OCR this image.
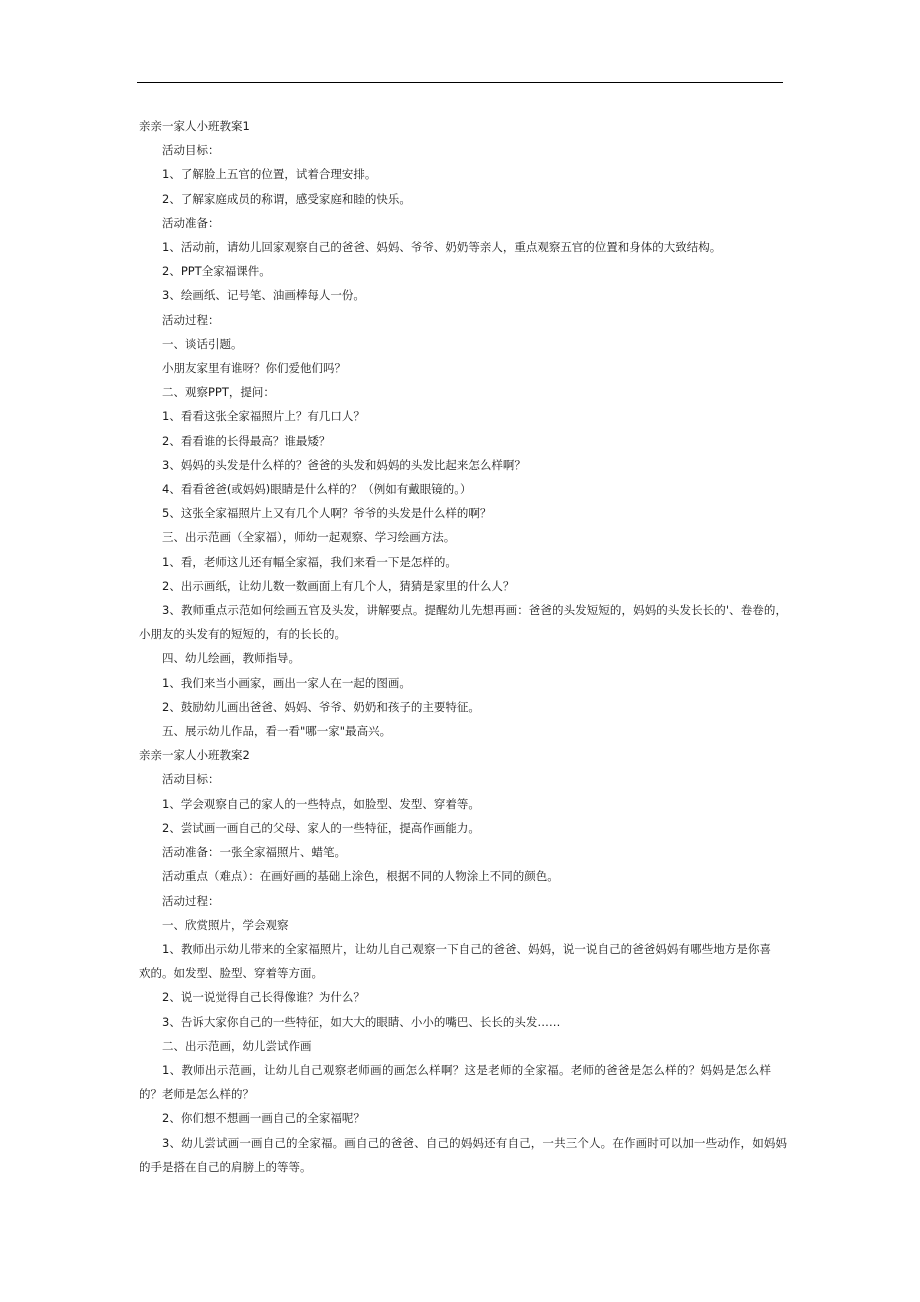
亲亲一家人小班教案1

活动目标：

1、了解脸上五官的位置，试着合理安排。

2、了解家庭成员的称谓，感受家庭和睦的快乐。

活动准备：

1、活动前，请幼儿回家观察自己的爸爸、妈妈、爷爷、奶奶等亲人，重点观察五官的位置和身体的大致结构。

2、PPT全家福课件。

3、绘画纸、记号笔、油画棒每人一份。

活动过程：

一、谈话引题。

小朋友家里有谁呀？你们爱他们吗？

二、观察PPT，提问：

1、看看这张全家福照片上？有几口人？

2、看看谁的长得最高？谁最矮？

3、妈妈的头发是什么样的？爸爸的头发和妈妈的头发比起来怎么样啊？

4、看看爸爸(或妈妈)眼睛是什么样的？（例如有戴眼镜的。）

5、这张全家福照片上又有几个人啊？爷爷的头发是什么样的啊？

三、出示范画（全家福），师幼一起观察、学习绘画方法。

1、看，老师这儿还有幅全家福，我们来看一下是怎样的。

2、出示画纸，让幼儿数一数画面上有几个人，猜猜是家里的什么人？

3、教师重点示范如何绘画五官及头发，讲解要点。提醒幼儿先想再画：爸爸的头发短短的，妈妈的头发长长的'、卷卷的，小朋友的头发有的短短的，有的长长的。

四、幼儿绘画，教师指导。

1、我们来当小画家，画出一家人在一起的图画。

2、鼓励幼儿画出爸爸、妈妈、爷爷、奶奶和孩子的主要特征。

五、展示幼儿作品，看一看"哪一家"最高兴。

亲亲一家人小班教案2

活动目标：

1、学会观察自己的家人的一些特点，如脸型、发型、穿着等。

2、尝试画一画自己的父母、家人的一些特征，提高作画能力。

活动准备：一张全家福照片、蜡笔。

活动重点（难点）：在画好画的基础上涂色，根据不同的人物涂上不同的颜色。

活动过程：

一、欣赏照片，学会观察

1、教师出示幼儿带来的全家福照片，让幼儿自己观察一下自己的爸爸、妈妈，说一说自己的爸爸妈妈有哪些地方是你喜欢的。如发型、脸型、穿着等方面。

2、说一说觉得自己长得像谁？为什么？

3、告诉大家你自己的一些特征，如大大的眼睛、小小的嘴巴、长长的头发……

二、出示范画，幼儿尝试作画

1、教师出示范画，让幼儿自己观察老师画的画怎么样啊？这是老师的全家福。老师的爸爸是怎么样的？妈妈是怎么样的？老师是怎么样的？

2、你们想不想画一画自己的全家福呢？

3、幼儿尝试画一画自己的全家福。画自己的爸爸、自己的妈妈还有自己，一共三个人。在作画时可以加一些动作，如妈妈的手是搭在自己的肩膀上的等等。
